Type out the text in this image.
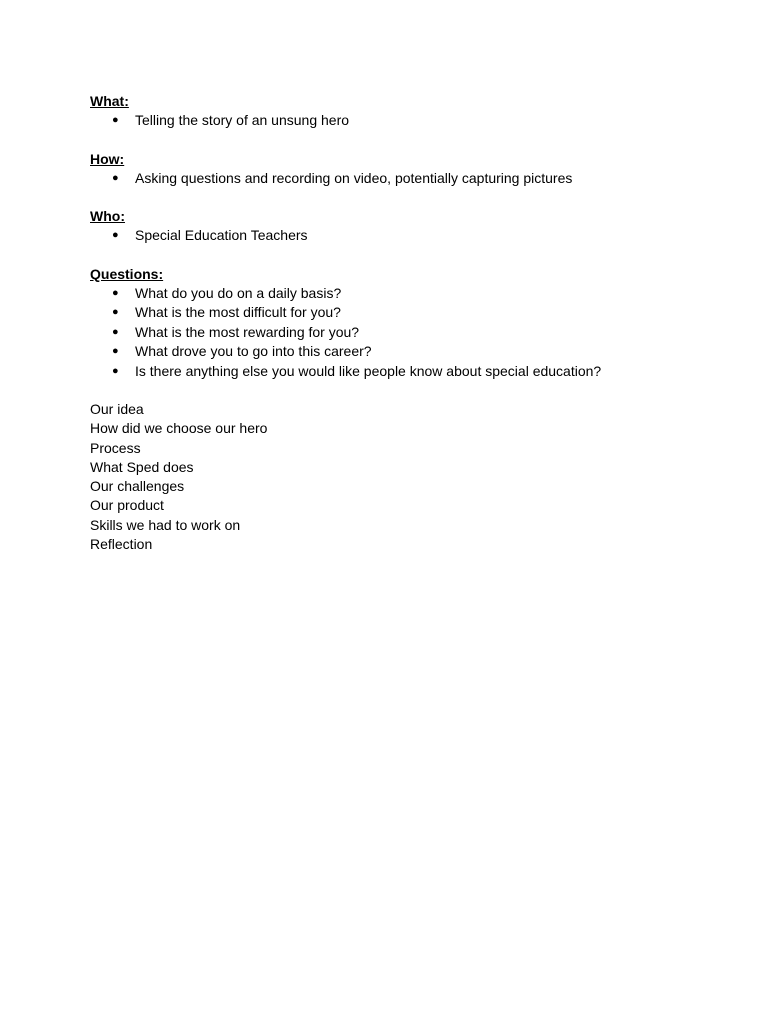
What:
● Telling the story of an unsung hero
How:
● Asking questions and recording on video, potentially capturing pictures
Who:
● Special Education Teachers
Questions:
● What do you do on a daily basis?
● What is the most difficult for you?
● What is the most rewarding for you?
● What drove you to go into this career?
● Is there anything else you would like people know about special education?
Our idea
How did we choose our hero
Process
What Sped does
Our challenges
Our product
Skills we had to work on
Reflection
